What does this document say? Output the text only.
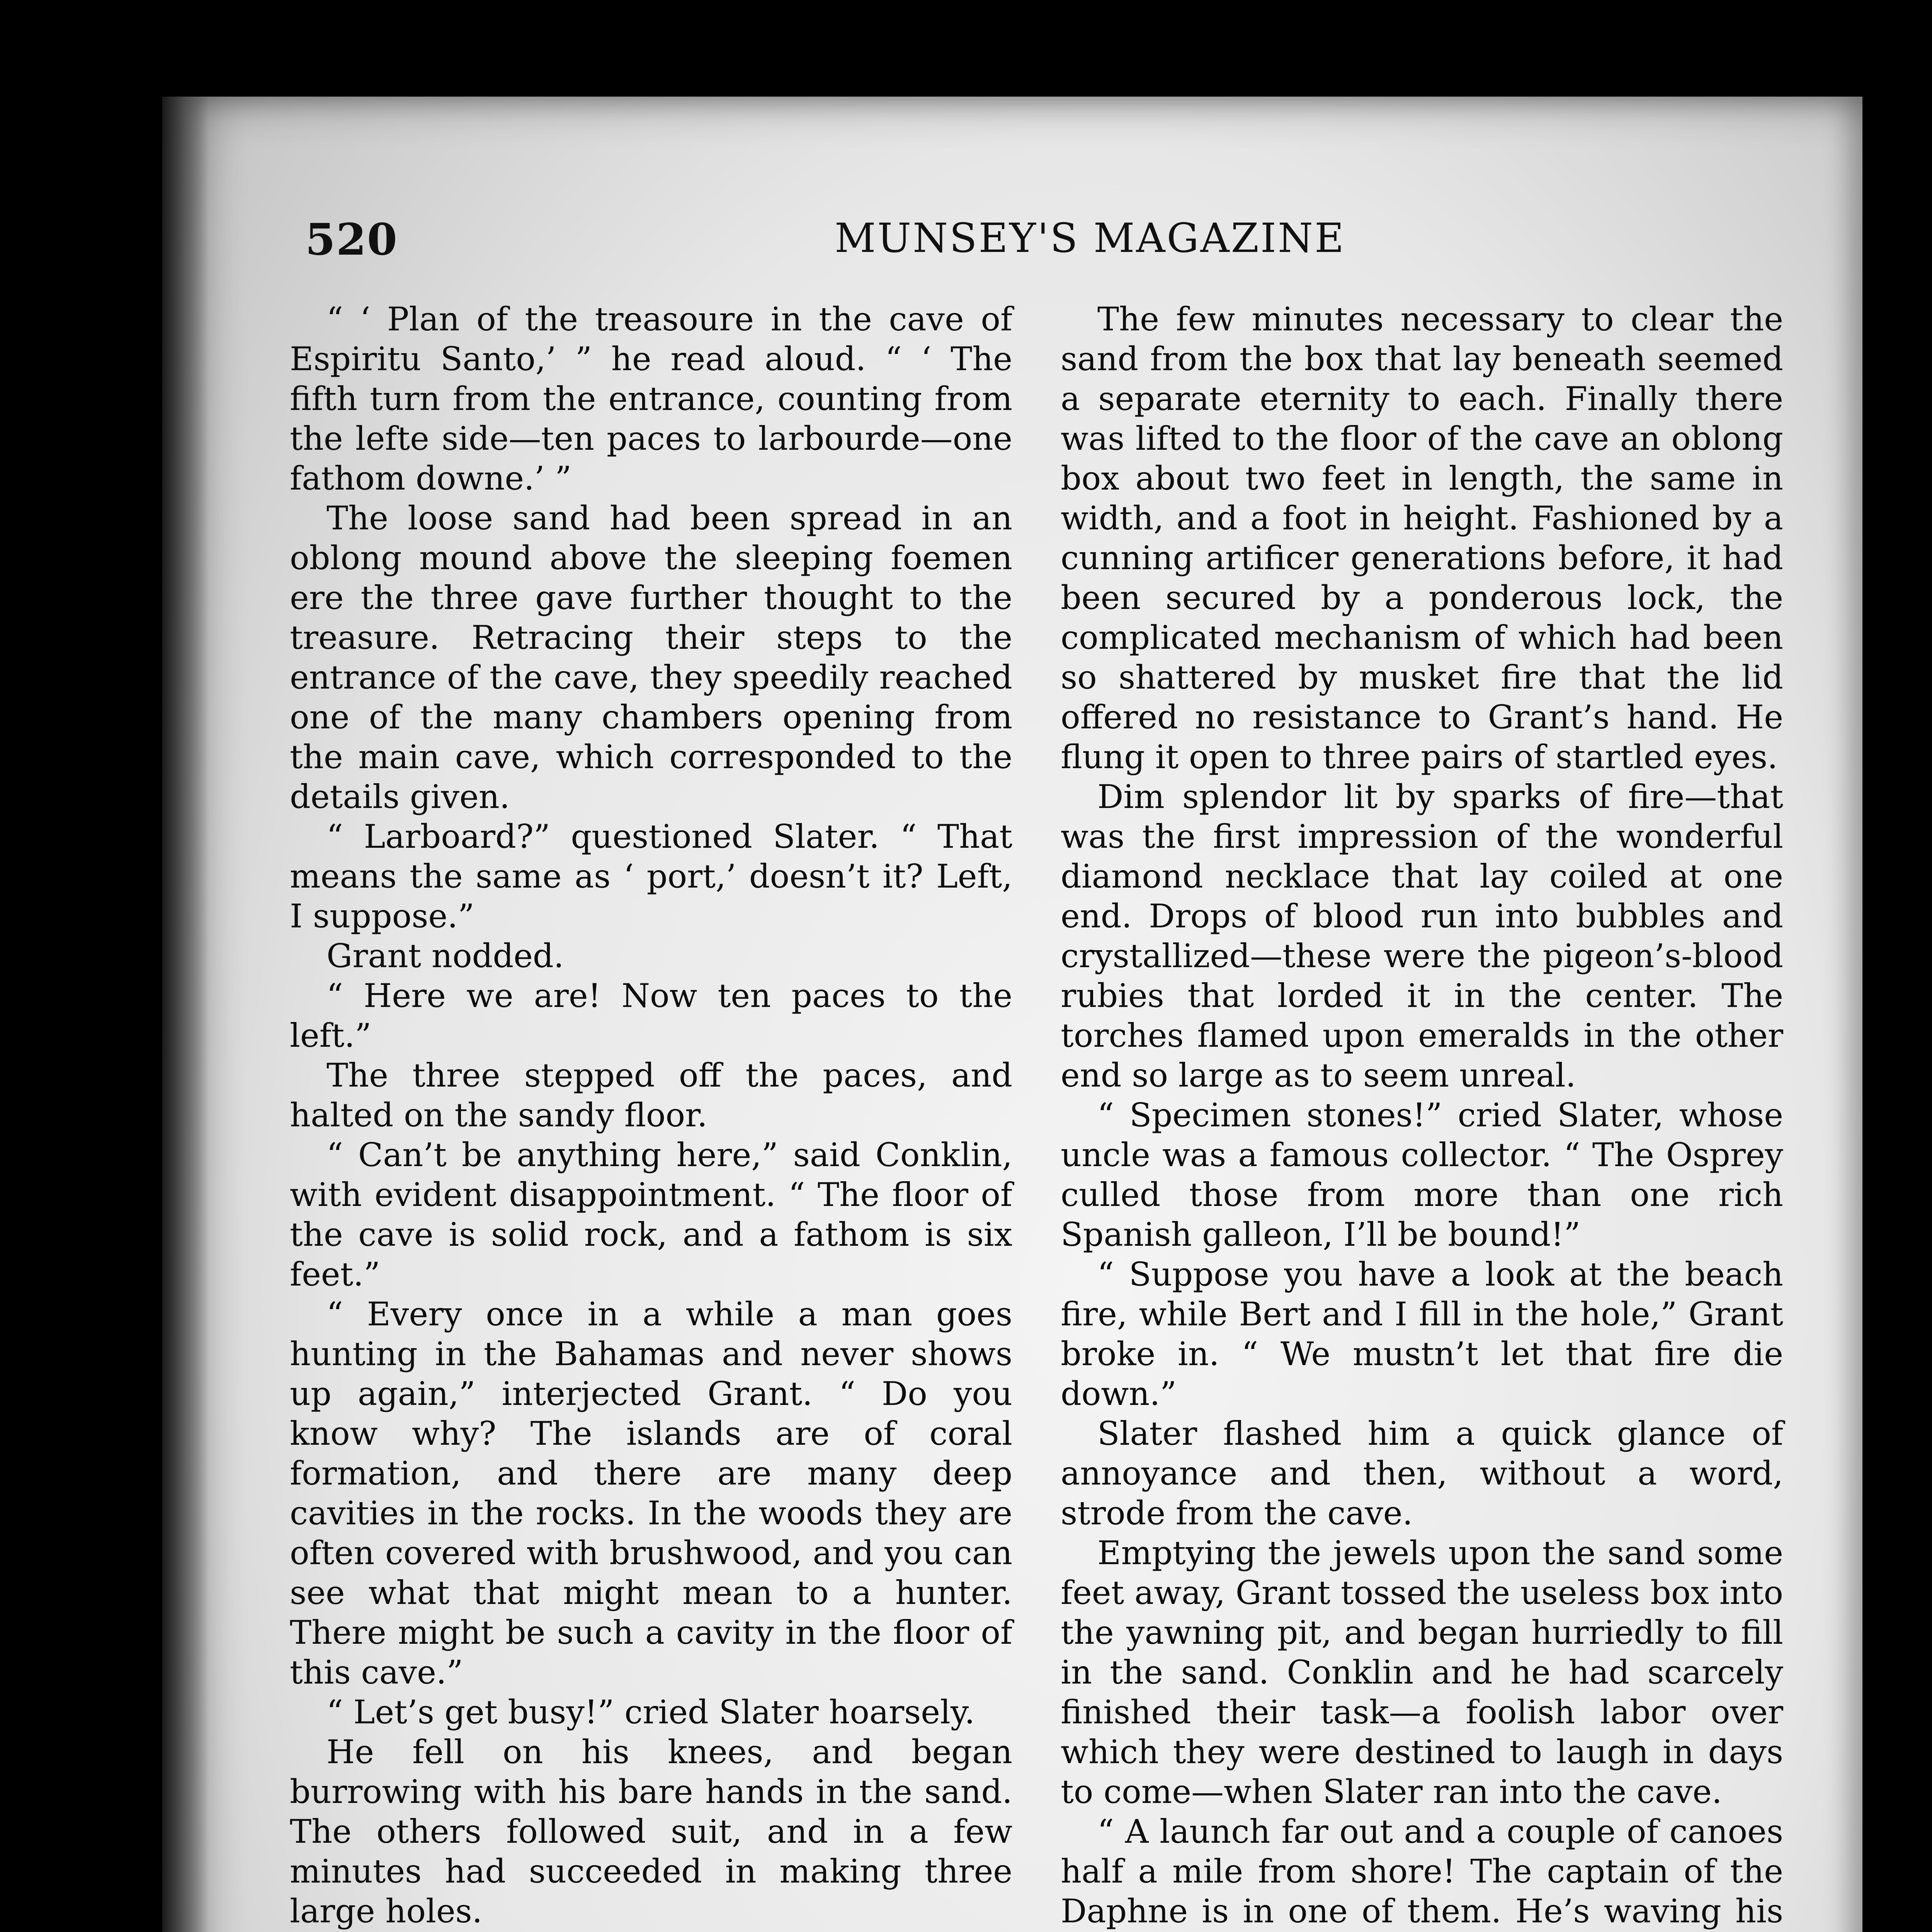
520	MUNSEY'S MAGAZINE

“ ‘ Plan of the treasoure in the cave of Espiritu Santo,’ ” he read aloud. “ ‘ The fifth turn from the entrance, counting from the lefte side—ten paces to larbourde—one fathom downe.’ ”

The loose sand had been spread in an oblong mound above the sleeping foemen ere the three gave further thought to the treasure. Retracing their steps to the entrance of the cave, they speedily reached one of the many chambers opening from the main cave, which corresponded to the details given.

“ Larboard?” questioned Slater. “ That means the same as ‘ port,’ doesn’t it? Left, I suppose.”

Grant nodded.

“ Here we are! Now ten paces to the left.”

The three stepped off the paces, and halted on the sandy floor.

“ Can’t be anything here,” said Conklin, with evident disappointment. “ The floor of the cave is solid rock, and a fathom is six feet.”

“ Every once in a while a man goes hunting in the Bahamas and never shows up again,” interjected Grant. “ Do you know why? The islands are of coral formation, and there are many deep cavities in the rocks. In the woods they are often covered with brushwood, and you can see what that might mean to a hunter. There might be such a cavity in the floor of this cave.”

“ Let’s get busy!” cried Slater hoarsely.

He fell on his knees, and began burrowing with his bare hands in the sand. The others followed suit, and in a few minutes had succeeded in making three large holes.

The few minutes necessary to clear the sand from the box that lay beneath seemed a separate eternity to each. Finally there was lifted to the floor of the cave an oblong box about two feet in length, the same in width, and a foot in height. Fashioned by a cunning artificer generations before, it had been secured by a ponderous lock, the complicated mechanism of which had been so shattered by musket fire that the lid offered no resistance to Grant’s hand. He flung it open to three pairs of startled eyes.

Dim splendor lit by sparks of fire—that was the first impression of the wonderful diamond necklace that lay coiled at one end. Drops of blood run into bubbles and crystallized—these were the pigeon’s-blood rubies that lorded it in the center. The torches flamed upon emeralds in the other end so large as to seem unreal.

“ Specimen stones!” cried Slater, whose uncle was a famous collector. “ The Osprey culled those from more than one rich Spanish galleon, I’ll be bound!”

“ Suppose you have a look at the beach fire, while Bert and I fill in the hole,” Grant broke in. “ We mustn’t let that fire die down.”

Slater flashed him a quick glance of annoyance and then, without a word, strode from the cave.

Emptying the jewels upon the sand some feet away, Grant tossed the useless box into the yawning pit, and began hurriedly to fill in the sand. Conklin and he had scarcely finished their task—a foolish labor over which they were destined to laugh in days to come—when Slater ran into the cave.

“ A launch far out and a couple of canoes half a mile from shore! The captain of the Daphne is in one of them. He’s waving his
